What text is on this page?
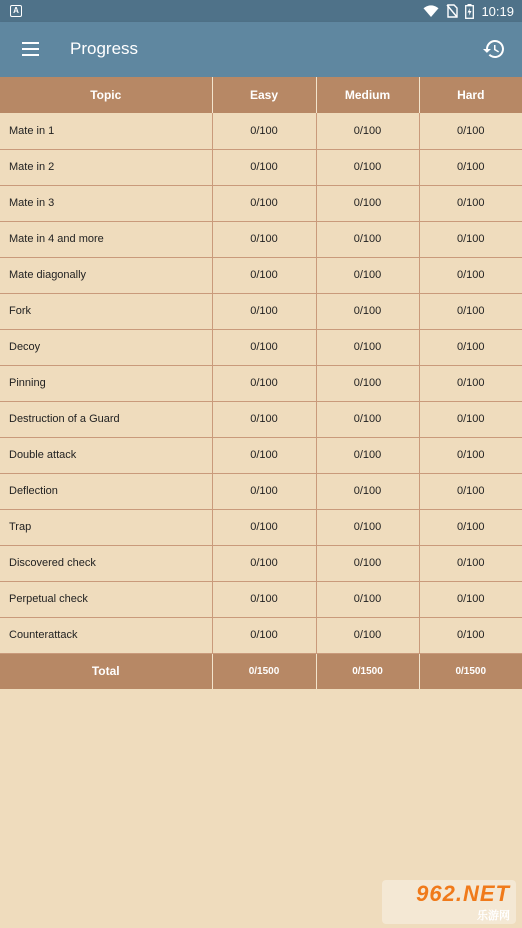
A	10:19
Progress
Topic	Easy	Medium	Hard
Mate in 1	0/100	0/100	0/100
Mate in 2	0/100	0/100	0/100
Mate in 3	0/100	0/100	0/100
Mate in 4 and more	0/100	0/100	0/100
Mate diagonally	0/100	0/100	0/100
Fork	0/100	0/100	0/100
Decoy	0/100	0/100	0/100
Pinning	0/100	0/100	0/100
Destruction of a Guard	0/100	0/100	0/100
Double attack	0/100	0/100	0/100
Deflection	0/100	0/100	0/100
Trap	0/100	0/100	0/100
Discovered check	0/100	0/100	0/100
Perpetual check	0/100	0/100	0/100
Counterattack	0/100	0/100	0/100
Total	0/1500	0/1500	0/1500
962.NET
乐游网
